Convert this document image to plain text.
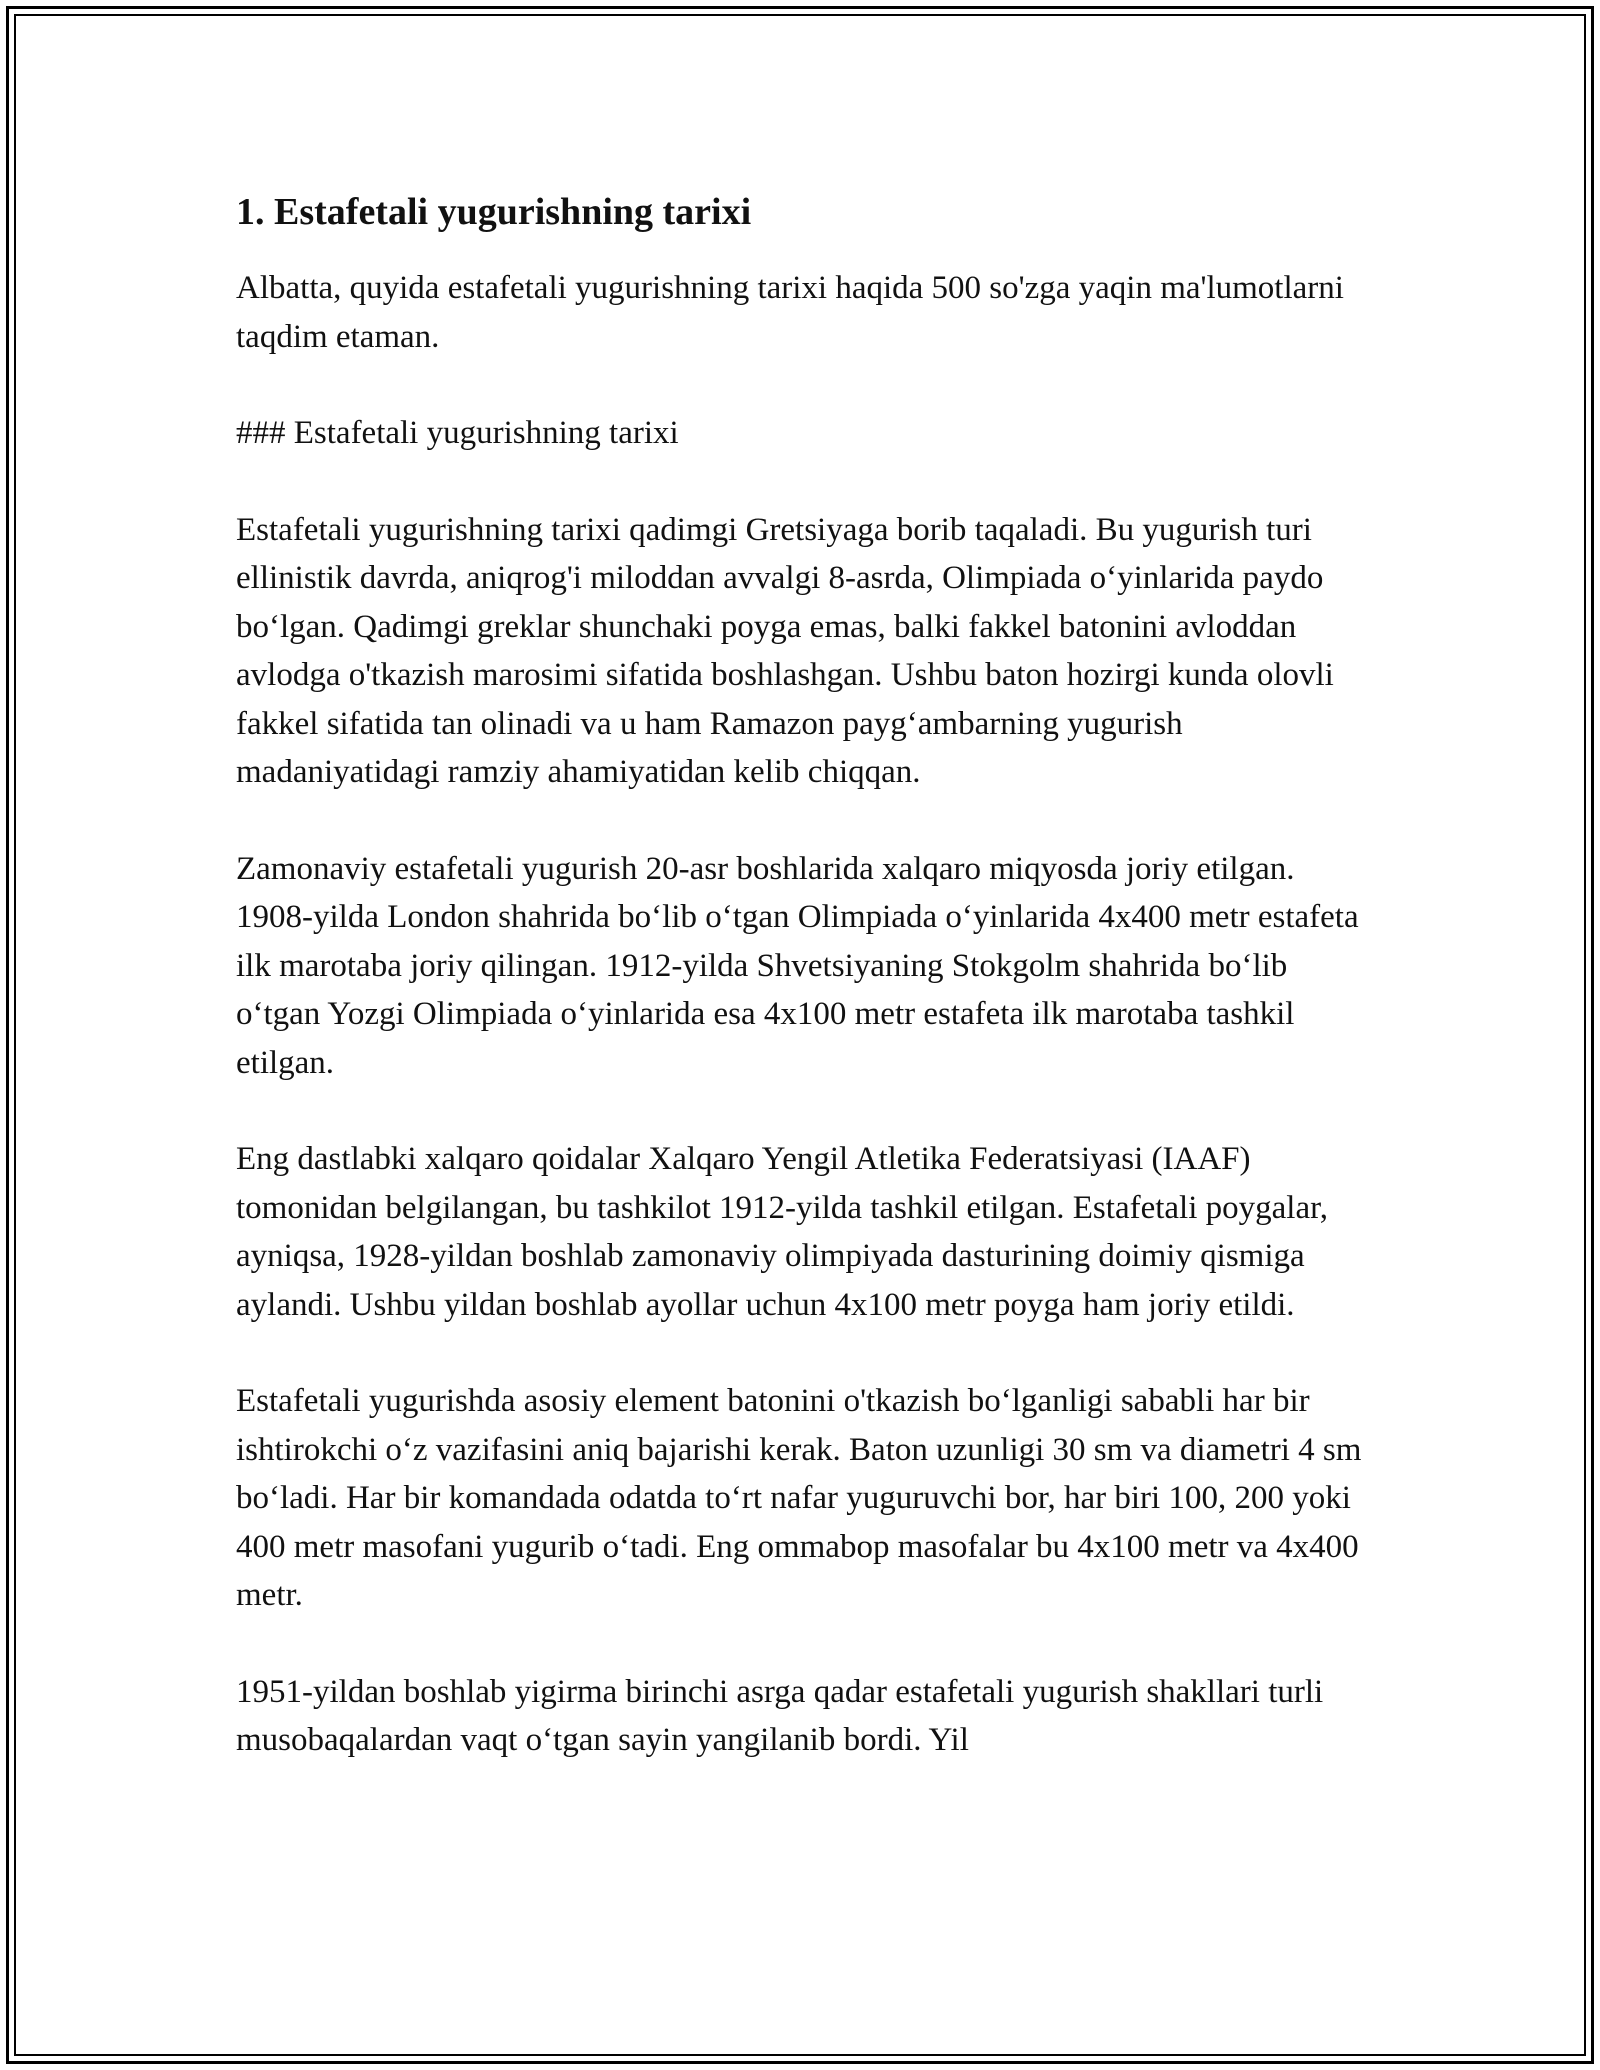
1. Estafetali yugurishning tarixi

Albatta, quyida estafetali yugurishning tarixi haqida 500 so'zga yaqin ma'lumotlarni taqdim etaman.

### Estafetali yugurishning tarixi

Estafetali yugurishning tarixi qadimgi Gretsiyaga borib taqaladi. Bu yugurish turi ellinistik davrda, aniqrog'i miloddan avvalgi 8-asrda, Olimpiada o‘yinlarida paydo bo‘lgan. Qadimgi greklar shunchaki poyga emas, balki fakkel batonini avloddan avlodga o'tkazish marosimi sifatida boshlashgan. Ushbu baton hozirgi kunda olovli fakkel sifatida tan olinadi va u ham Ramazon payg‘ambarning yugurish madaniyatidagi ramziy ahamiyatidan kelib chiqqan.

Zamonaviy estafetali yugurish 20-asr boshlarida xalqaro miqyosda joriy etilgan. 1908-yilda London shahrida bo‘lib o‘tgan Olimpiada o‘yinlarida 4x400 metr estafeta ilk marotaba joriy qilingan. 1912-yilda Shvetsiyaning Stokgolm shahrida bo‘lib o‘tgan Yozgi Olimpiada o‘yinlarida esa 4x100 metr estafeta ilk marotaba tashkil etilgan.

Eng dastlabki xalqaro qoidalar Xalqaro Yengil Atletika Federatsiyasi (IAAF) tomonidan belgilangan, bu tashkilot 1912-yilda tashkil etilgan. Estafetali poygalar, ayniqsa, 1928-yildan boshlab zamonaviy olimpiyada dasturining doimiy qismiga aylandi. Ushbu yildan boshlab ayollar uchun 4x100 metr poyga ham joriy etildi.

Estafetali yugurishda asosiy element batonini o'tkazish bo‘lganligi sababli har bir ishtirokchi o‘z vazifasini aniq bajarishi kerak. Baton uzunligi 30 sm va diametri 4 sm bo‘ladi. Har bir komandada odatda to‘rt nafar yuguruvchi bor, har biri 100, 200 yoki 400 metr masofani yugurib o‘tadi. Eng ommabop masofalar bu 4x100 metr va 4x400 metr.

1951-yildan boshlab yigirma birinchi asrga qadar estafetali yugurish shakllari turli musobaqalardan vaqt o‘tgan sayin yangilanib bordi. Yil
